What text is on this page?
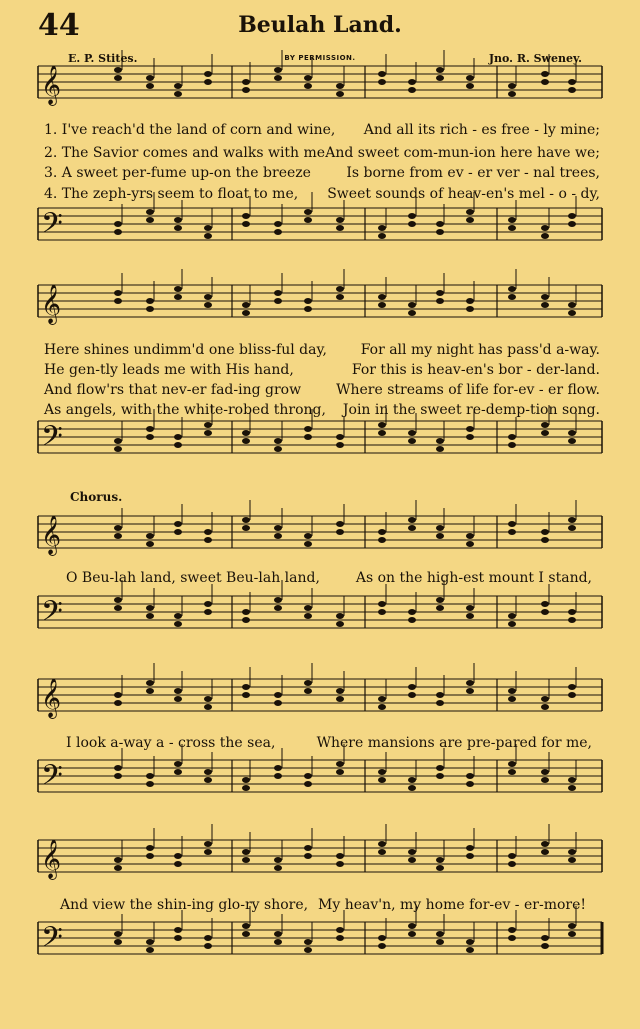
44	Beulah Land.
E. P. Stites.	BY PERMISSION.	Jno. R. Sweney.
Chorus.
𝄞
𝄢
𝄞
𝄢
𝄞
𝄢
𝄞
𝄢
𝄞
𝄢
1. I've reach'd the land of corn and wine, And all its rich - es free - ly mine;
2. The Savior comes and walks with me And sweet com-mun-ion here have we;
3. A sweet per-fume up-on the breeze	Is borne from ev - er ver - nal trees,
4. The zeph-yrs seem to float to me, Sweet sounds of heav-en's mel - o - dy,
Here shines undimm'd one bliss-ful day, For all my night has pass'd a-way.
He gen-tly leads me with His hand,	For this is heav-en's bor - der-land.
And flow'rs that nev-er fad-ing grow Where streams of life for-ev - er flow.
As angels, with the white-robed throng, Join in the sweet re-demp-tion song.
O Beu-lah land, sweet Beu-lah land,	As on the high-est mount I stand,
I look a-way a - cross the sea,	Where mansions are pre-pared for me,
And view the shin-ing glo-ry shore, My heav'n, my home for-ev - er-more!
